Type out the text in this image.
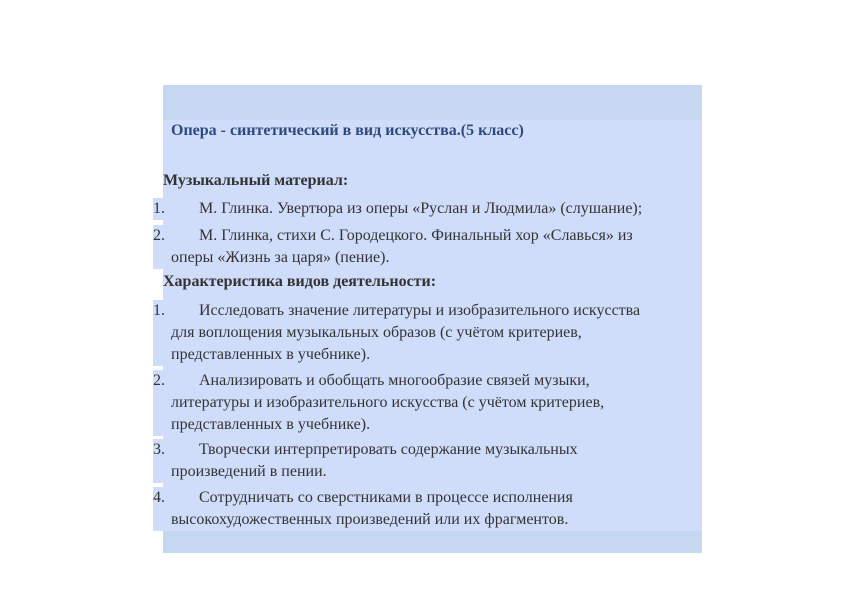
Опера - синтетический в вид искусства.(5 класс)
Музыкальный материал:
1. М. Глинка. Увертюра из оперы «Руслан и Людмила» (слушание);
2. М. Глинка, стихи С. Городецкого. Финальный хор «Славься» из
оперы «Жизнь за царя» (пение).
Характеристика видов деятельности:
1. Исследовать значение литературы и изобразительного искусства
для воплощения музыкальных образов (с учётом критериев,
представленных в учебнике).
2. Анализировать и обобщать многообразие связей музыки,
литературы и изобразительного искусства (с учётом критериев,
представленных в учебнике).
3. Творчески интерпретировать содержание музыкальных
произведений в пении.
4. Сотрудничать со сверстниками в процессе исполнения
высокохудожественных произведений или их фрагментов.
